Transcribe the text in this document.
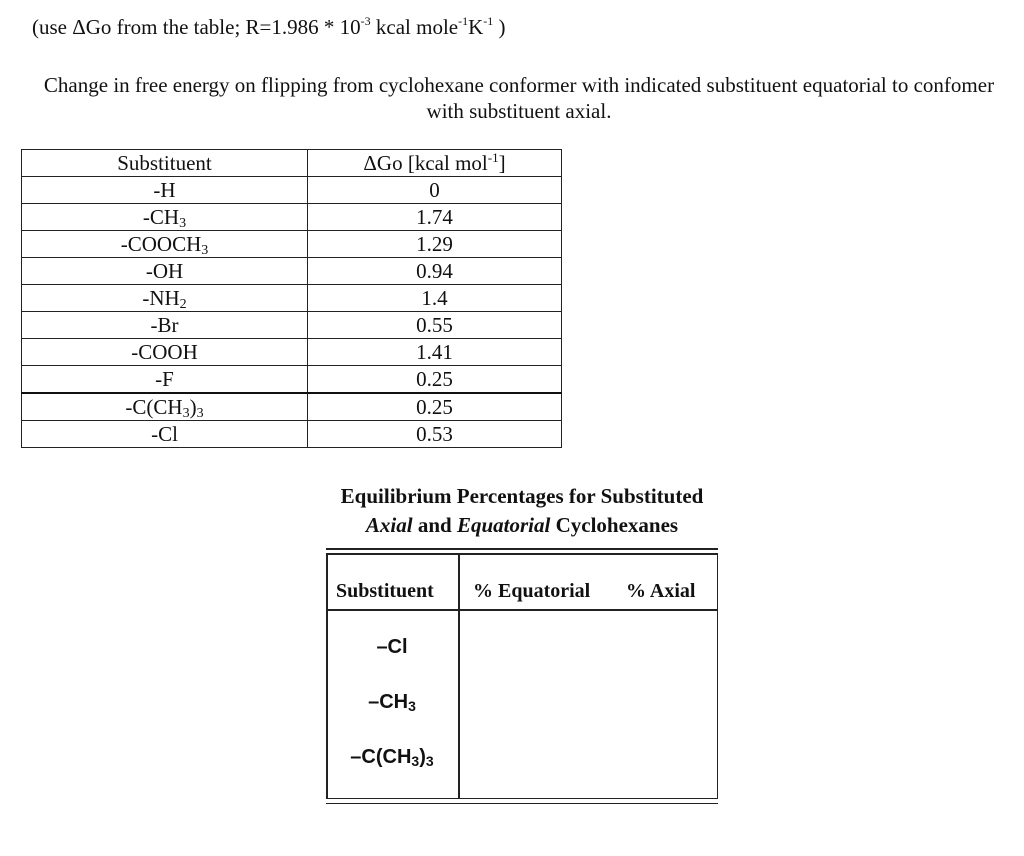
(use ΔGo from the table; $R=1.986 * 10^{-3}$ kcal $mole^{-1}K^{-1}$ )
Change in free energy on flipping from cyclohexane conformer with indicated substituent equatorial to confomer with substituent axial.
Substituent	ΔGo [kcal mol$^{-1}$]
-H	0
$-CH_3$	1.74
$-COOCH_3$	1.29
-OH	0.94
$-NH_2$	1.4
-Br	0.55
-COOH	1.41
-F	0.25
$-C(CH_3)_3$	0.25
-Cl	0.53
Equilibrium Percentages for Substituted
Axial and Equatorial Cyclohexanes
Substituent % Equatorial % Axial
–Cl
$-CH_3$
$-C(CH_3)_3$
